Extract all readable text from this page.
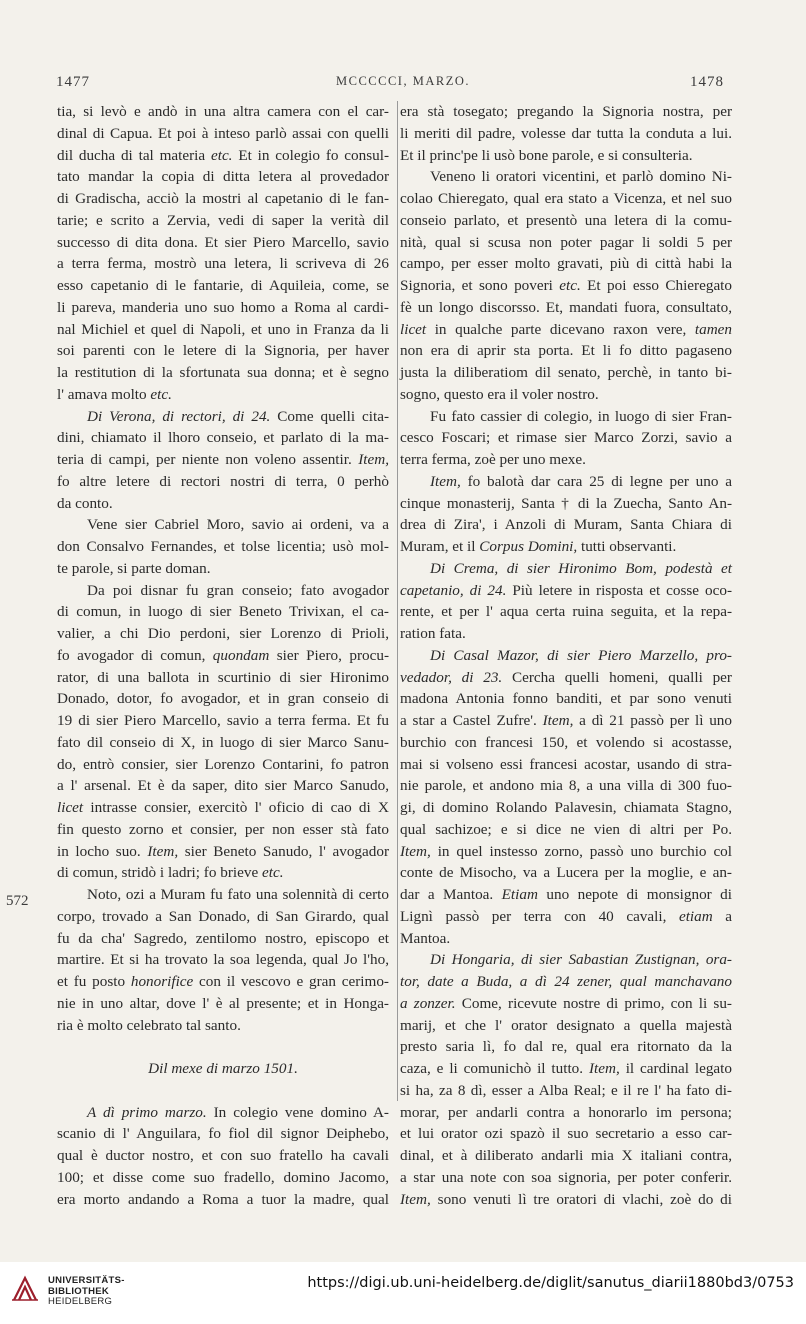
1477	MCCCCCI, MARZO.	1478

tia, si levò e andò in una altra camera con el car-

dinal di Capua. Et poi à inteso parlò assai con quelli

dil ducha di tal materia etc. Et in colegio fo consul-

tato mandar la copia di ditta letera al provedador

di Gradischa, acciò la mostri al capetanio di le fan-

tarie; e scrito a Zervia, vedi di saper la verità dil

successo di dita dona. Et sier Piero Marcello, savio

a terra ferma, mostrò una letera, li scriveva di 26

esso capetanio di le fantarie, di Aquileia, come, se

li pareva, manderia uno suo homo a Roma al cardi-

nal Michiel et quel di Napoli, et uno in Franza da li

soi parenti con le letere di la Signoria, per haver

la restitution di la sfortunata sua donna; et è segno

l' amava molto etc.

Di Verona, di rectori, di 24. Come quelli cita-

dini, chiamato il lhoro conseio, et parlato di la ma-

teria di campi, per niente non voleno assentir. Item,

fo altre letere di rectori nostri di terra, 0 perhò

da conto.

Vene sier Cabriel Moro, savio ai ordeni, va a

don Consalvo Fernandes, et tolse licentia; usò mol-

te parole, si parte doman.

Da poi disnar fu gran conseio; fato avogador

di comun, in luogo di sier Beneto Trivixan, el ca-

valier, a chi Dio perdoni, sier Lorenzo di Prioli,

fo avogador di comun, quondam sier Piero, procu-

rator, di una ballota in scurtinio di sier Hironimo

Donado, dotor, fo avogador, et in gran conseio di

19 di sier Piero Marcello, savio a terra ferma. Et fu

fato dil conseio di X, in luogo di sier Marco Sanu-

do, entrò consier, sier Lorenzo Contarini, fo patron

a l' arsenal. Et è da saper, dito sier Marco Sanudo,

licet intrasse consier, exercitò l' oficio di cao di X

fin questo zorno et consier, per non esser stà fato

in locho suo. Item, sier Beneto Sanudo, l' avogador

di comun, stridò i ladri; fo brieve etc.

Noto, ozi a Muram fu fato una solennità di certo

corpo, trovado a San Donado, di San Girardo, qual

fu da cha' Sagredo, zentilomo nostro, episcopo et

martire. Et si ha trovato la soa legenda, qual Jo l'ho,

et fu posto honorifice con il vescovo e gran cerimo-

nie in uno altar, dove l' è al presente; et in Honga-

ria è molto celebrato tal santo.

Dil mexe di marzo 1501.

A dì primo marzo. In colegio vene domino A-

scanio di l' Anguilara, fo fiol dil signor Deiphebo,

qual è ductor nostro, et con suo fratello ha cavali

100; et disse come suo fradello, domino Jacomo,

era morto andando a Roma a tuor la madre, qual

era stà tosegato; pregando la Signoria nostra, per

li meriti dil padre, volesse dar tutta la conduta a lui.

Et il princ'pe li usò bone parole, e si consulteria.

Veneno li oratori vicentini, et parlò domino Ni-

colao Chieregato, qual era stato a Vicenza, et nel suo

conseio parlato, et presentò una letera di la comu-

nità, qual si scusa non poter pagar li soldi 5 per

campo, per esser molto gravati, più di città habi la

Signoria, et sono poveri etc. Et poi esso Chieregato

fè un longo discorsso. Et, mandati fuora, consultato,

licet in qualche parte dicevano raxon vere, tamen

non era di aprir sta porta. Et li fo ditto pagaseno

justa la diliberatiom dil senato, perchè, in tanto bi-

sogno, questo era il voler nostro.

Fu fato cassier di colegio, in luogo di sier Fran-

cesco Foscari; et rimase sier Marco Zorzi, savio a

terra ferma, zoè per uno mexe.

Item, fo balotà dar cara 25 di legne per uno a

cinque monasterij, Santa † di la Zuecha, Santo An-

drea di Zira', i Anzoli di Muram, Santa Chiara di

Muram, et il Corpus Domini, tutti observanti.

Di Crema, di sier Hironimo Bom, podestà et

capetanio, di 24. Più letere in risposta et cosse oco-

rente, et per l' aqua certa ruina seguita, et la repa-

ration fata.

Di Casal Mazor, di sier Piero Marzello, pro-

vedador, di 23. Cercha quelli homeni, qualli per

madona Antonia fonno banditi, et par sono venuti

a star a Castel Zufre'. Item, a dì 21 passò per lì uno

burchio con francesi 150, et volendo si acostasse,

mai si volseno essi francesi acostar, usando di stra-

nie parole, et andono mia 8, a una villa di 300 fuo-

gi, di domino Rolando Palavesin, chiamata Stagno,

qual sachizoe; e si dice ne vien di altri per Po.

Item, in quel instesso zorno, passò uno burchio col

conte de Misocho, va a Lucera per la moglie, e an-

dar a Mantoa. Etiam uno nepote di monsignor di

Lignì passò per terra con 40 cavali, etiam a

Mantoa.

Di Hongaria, di sier Sabastian Zustignan, ora-

tor, date a Buda, a dì 24 zener, qual manchavano

a zonzer. Come, ricevute nostre di primo, con li su-

marij, et che l' orator designato a quella majestà

presto saria lì, fo dal re, qual era ritornato da la

caza, e li comunichò il tutto. Item, il cardinal legato

si ha, za 8 dì, esser a Alba Real; e il re l' ha fato di-

morar, per andarli contra a honorarlo im persona;

et lui orator ozi spazò il suo secretario a esso car-

dinal, et à diliberato andarli mia X italiani contra,

a star una note con soa signoria, per poter conferir.

Item, sono venuti lì tre oratori di vlachi, zoè do di

572
UNIVERSITÄTS-
BIBLIOTHEK
HEIDELBERG
https://digi.ub.uni-heidelberg.de/diglit/sanutus_diarii1880bd3/0753
